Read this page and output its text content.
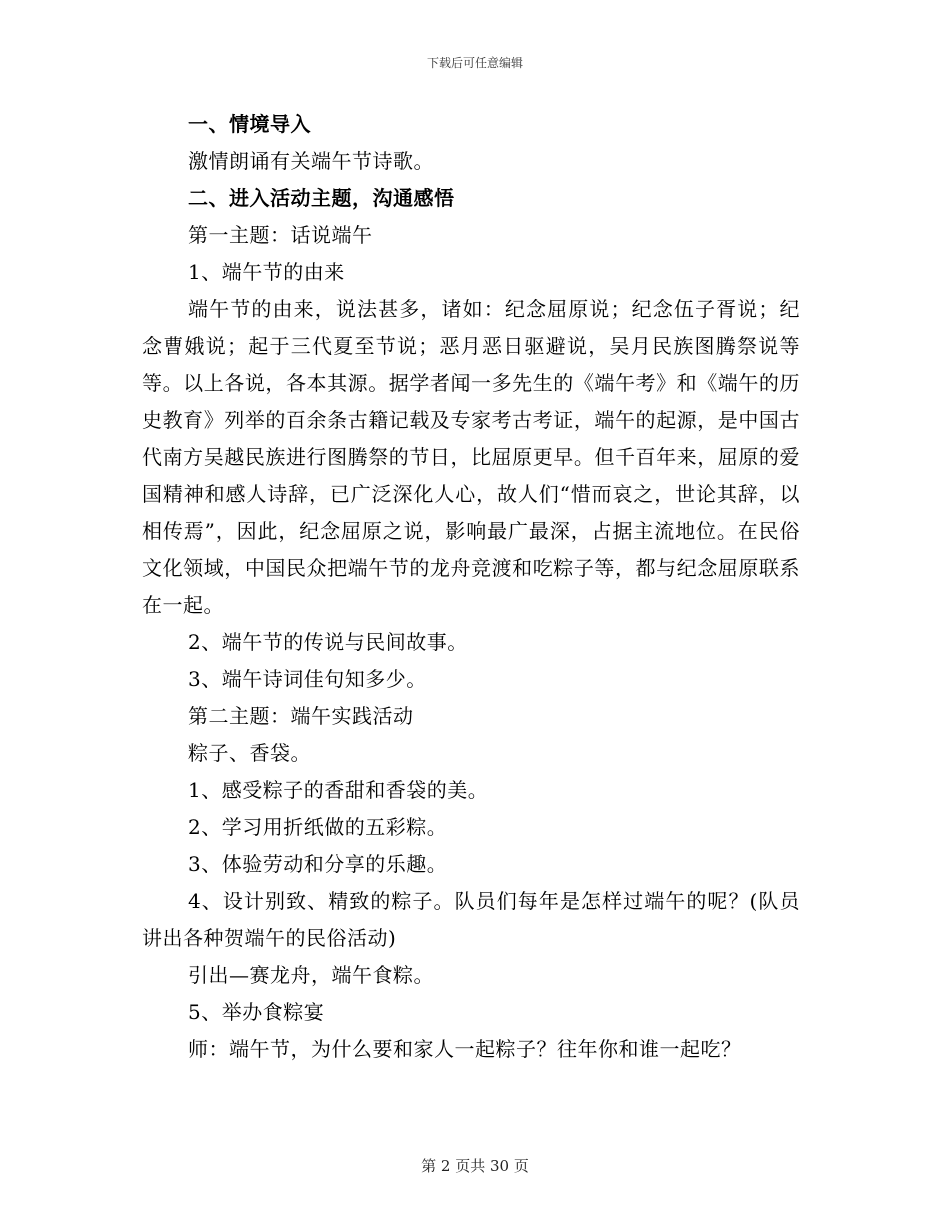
下载后可任意编辑

一、情境导入

激情朗诵有关端午节诗歌。

二、进入活动主题，沟通感悟

第一主题：话说端午

1、端午节的由来

端午节的由来，说法甚多，诸如：纪念屈原说；纪念伍子胥说；纪念曹娥说；起于三代夏至节说；恶月恶日驱避说，吴月民族图腾祭说等等。以上各说，各本其源。据学者闻一多先生的《端午考》和《端午的历史教育》列举的百余条古籍记载及专家考古考证，端午的起源，是中国古代南方吴越民族进行图腾祭的节日，比屈原更早。但千百年来，屈原的爱国精神和感人诗辞，已广泛深化人心，故人们“惜而哀之，世论其辞，以相传焉”，因此，纪念屈原之说，影响最广最深，占据主流地位。在民俗文化领域，中国民众把端午节的龙舟竞渡和吃粽子等，都与纪念屈原联系在一起。

2、端午节的传说与民间故事。

3、端午诗词佳句知多少。

第二主题：端午实践活动

粽子、香袋。

1、感受粽子的香甜和香袋的美。

2、学习用折纸做的五彩粽。

3、体验劳动和分享的乐趣。

4、设计别致、精致的粽子。队员们每年是怎样过端午的呢？(队员讲出各种贺端午的民俗活动)

引出—赛龙舟，端午食粽。

5、举办食粽宴

师：端午节，为什么要和家人一起粽子？往年你和谁一起吃？

第 2 页共 30 页
